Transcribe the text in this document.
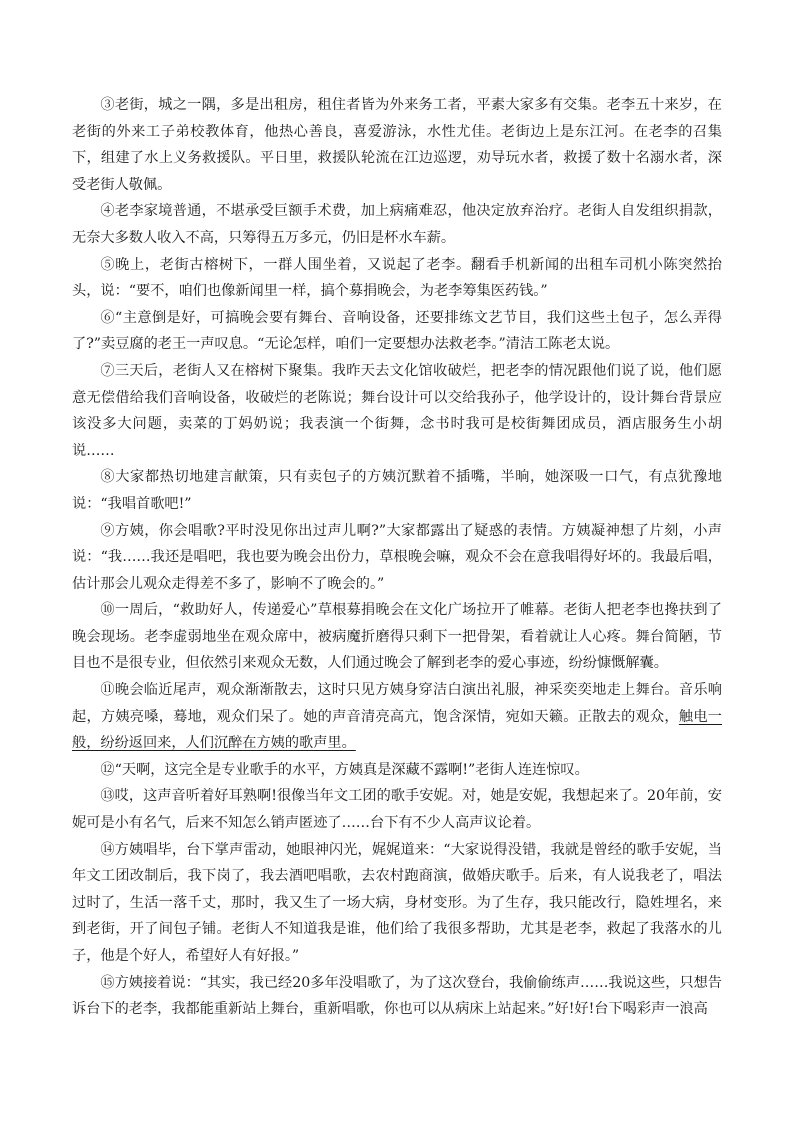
③老街，城之一隅，多是出租房，租住者皆为外来务工者，平素大家多有交集。老李五十来岁，在老街的外来工子弟校教体育，他热心善良，喜爱游泳，水性尤佳。老街边上是东江河。在老李的召集下，组建了水上义务救援队。平日里，救援队轮流在江边巡逻，劝导玩水者，救援了数十名溺水者，深受老街人敬佩。

④老李家境普通，不堪承受巨额手术费，加上病痛难忍，他决定放弃治疗。老街人自发组织捐款，无奈大多数人收入不高，只筹得五万多元，仍旧是杯水车薪。

⑤晚上，老街古榕树下，一群人围坐着，又说起了老李。翻看手机新闻的出租车司机小陈突然抬头，说：“要不，咱们也像新闻里一样，搞个募捐晚会，为老李筹集医药钱。”

⑥“主意倒是好，可搞晚会要有舞台、音响设备，还要排练文艺节目，我们这些土包子，怎么弄得了?”卖豆腐的老王一声叹息。“无论怎样，咱们一定要想办法救老李。”清洁工陈老太说。

⑦三天后，老街人又在榕树下聚集。我昨天去文化馆收破烂，把老李的情况跟他们说了说，他们愿意无偿借给我们音响设备，收破烂的老陈说；舞台设计可以交给我孙子，他学设计的，设计舞台背景应该没多大问题，卖菜的丁妈奶说；我表演一个街舞，念书时我可是校街舞团成员，酒店服务生小胡说……

⑧大家都热切地建言献策，只有卖包子的方姨沉默着不插嘴，半晌，她深吸一口气，有点犹豫地说：“我唱首歌吧!”

⑨方姨，你会唱歌?平时没见你出过声儿啊?”大家都露出了疑惑的表情。方姨凝神想了片刻，小声说：“我……我还是唱吧，我也要为晚会出份力，草根晚会嘛，观众不会在意我唱得好坏的。我最后唱，估计那会儿观众走得差不多了，影响不了晚会的。”

⑩一周后，“救助好人，传递爱心”草根募捐晚会在文化广场拉开了帷幕。老街人把老李也搀扶到了晚会现场。老李虚弱地坐在观众席中，被病魔折磨得只剩下一把骨架，看着就让人心疼。舞台简陋，节目也不是很专业，但依然引来观众无数，人们通过晚会了解到老李的爱心事迹，纷纷慷慨解囊。

⑪晚会临近尾声，观众渐渐散去，这时只见方姨身穿洁白演出礼服，神采奕奕地走上舞台。音乐响起，方姨亮嗓，蓦地，观众们呆了。她的声音清亮高亢，饱含深情，宛如天籁。正散去的观众，触电一般，纷纷返回来，人们沉醉在方姨的歌声里。

⑫“天啊，这完全是专业歌手的水平，方姨真是深藏不露啊!”老街人连连惊叹。

⑬哎，这声音听着好耳熟啊!很像当年文工团的歌手安妮。对，她是安妮，我想起来了。20年前，安妮可是小有名气，后来不知怎么销声匿迹了……台下有不少人高声议论着。

⑭方姨唱毕，台下掌声雷动，她眼神闪光，娓娓道来：“大家说得没错，我就是曾经的歌手安妮，当年文工团改制后，我下岗了，我去酒吧唱歌，去农村跑商演，做婚庆歌手。后来，有人说我老了，唱法过时了，生活一落千丈，那时，我又生了一场大病，身材变形。为了生存，我只能改行，隐姓埋名，来到老街，开了间包子铺。老街人不知道我是谁，他们给了我很多帮助，尤其是老李，救起了我落水的儿子，他是个好人，希望好人有好报。”

⑮方姨接着说：“其实，我已经20多年没唱歌了，为了这次登台，我偷偷练声……我说这些，只想告诉台下的老李，我都能重新站上舞台，重新唱歌，你也可以从病床上站起来。”好!好!台下喝彩声一浪高
